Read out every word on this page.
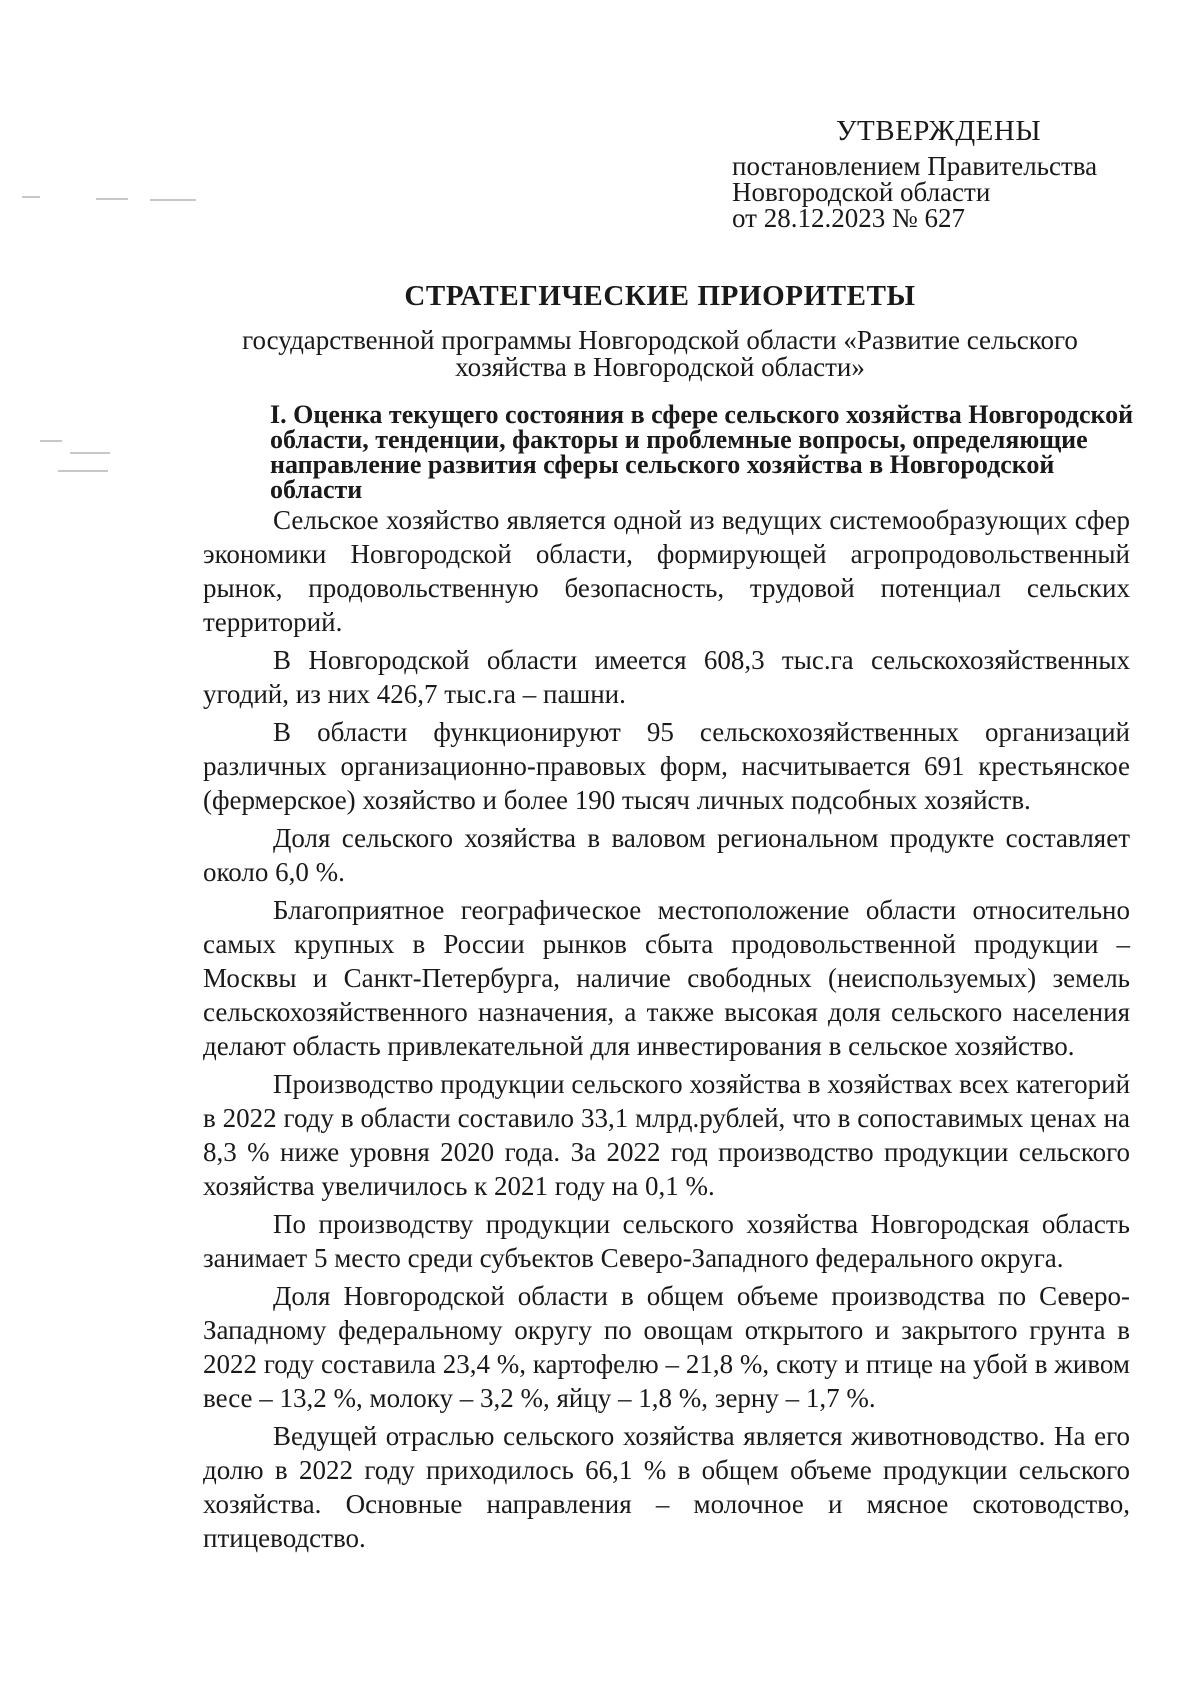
УТВЕРЖДЕНЫ
постановлением Правительства
Новгородской области
от 28.12.2023 № 627
СТРАТЕГИЧЕСКИЕ ПРИОРИТЕТЫ
государственной программы Новгородской области «Развитие сельского
хозяйства в Новгородской области»
I. Оценка текущего состояния в сфере сельского хозяйства Новгородской области, тенденции, факторы и проблемные вопросы, определяющие направление развития сферы сельского хозяйства в Новгородской области

Сельское хозяйство является одной из ведущих системообразующих сфер экономики Новгородской области, формирующей агропродовольственный рынок, продовольственную безопасность, трудовой потенциал сельских территорий.

В Новгородской области имеется 608,3 тыс.га сельскохозяйственных угодий, из них 426,7 тыс.га – пашни.

В области функционируют 95 сельскохозяйственных организаций различных организационно-правовых форм, насчитывается 691 крестьянское (фермерское) хозяйство и более 190 тысяч личных подсобных хозяйств.

Доля сельского хозяйства в валовом региональном продукте составляет около 6,0 %.

Благоприятное географическое местоположение области относительно самых крупных в России рынков сбыта продовольственной продукции – Москвы и Санкт-Петербурга, наличие свободных (неиспользуемых) земель сельскохозяйственного назначения, а также высокая доля сельского населения делают область привлекательной для инвестирования в сельское хозяйство.

Производство продукции сельского хозяйства в хозяйствах всех категорий в 2022 году в области составило 33,1 млрд.рублей, что в сопоставимых ценах на 8,3 % ниже уровня 2020 года. За 2022 год производство продукции сельского хозяйства увеличилось к 2021 году на 0,1 %.

По производству продукции сельского хозяйства Новгородская область занимает 5 место среди субъектов Северо-Западного федерального округа.

Доля Новгородской области в общем объеме производства по Северо-Западному федеральному округу по овощам открытого и закрытого грунта в 2022 году составила 23,4 %, картофелю – 21,8 %, скоту и птице на убой в живом весе – 13,2 %, молоку – 3,2 %, яйцу – 1,8 %, зерну – 1,7 %.

Ведущей отраслью сельского хозяйства является животноводство. На его долю в 2022 году приходилось 66,1 % в общем объеме продукции сельского хозяйства. Основные направления – молочное и мясное скотоводство, птицеводство.
